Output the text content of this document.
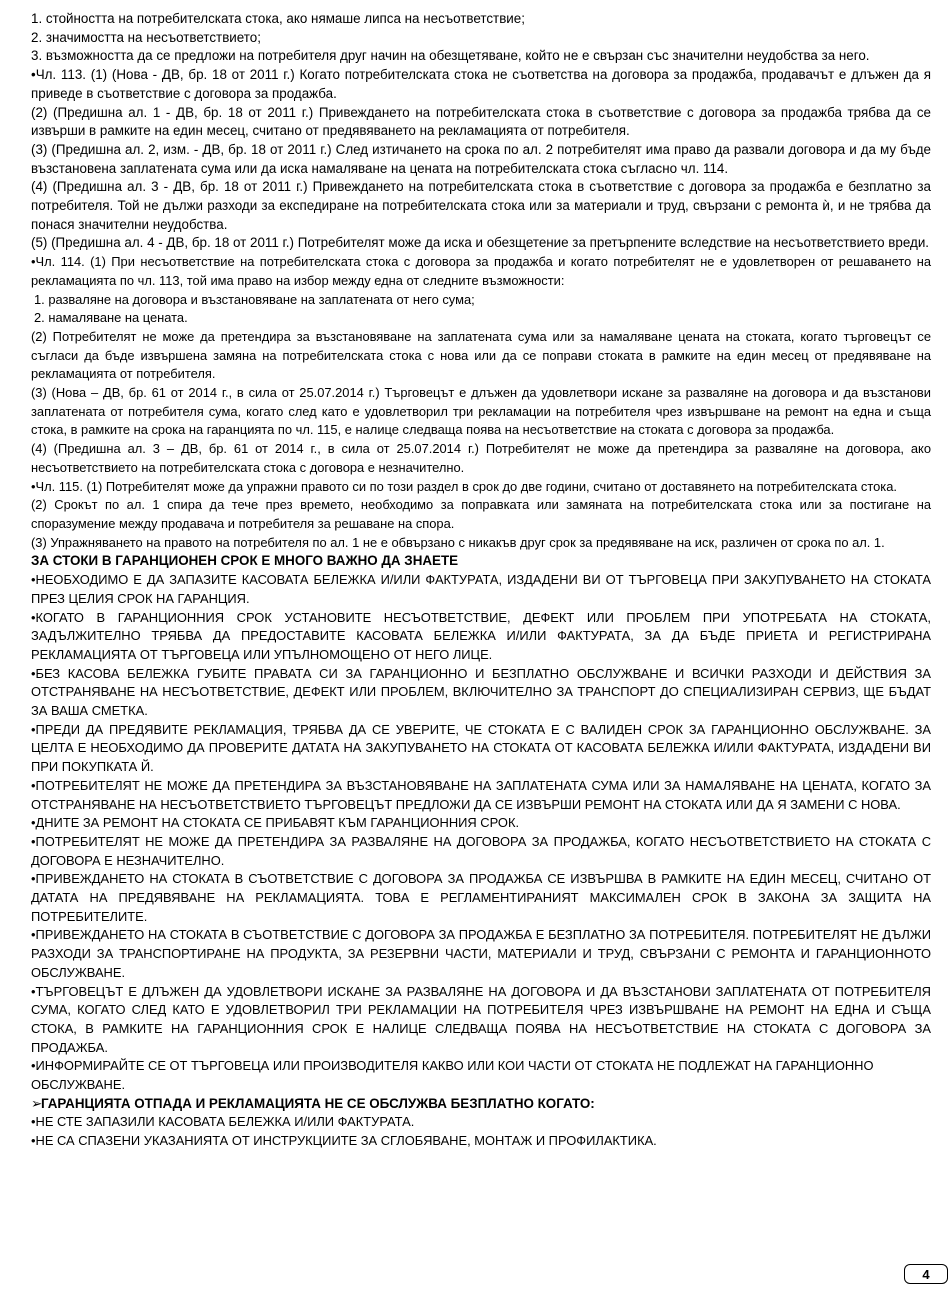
1. стойността на потребителската стока, ако нямаше липса на несъответствие;
2. значимостта на несъответствието;
3. възможността да се предложи на потребителя друг начин на обезщетяване, който не е свързан със значителни неудобства за него.
•Чл. 113. (1) (Нова - ДВ, бр. 18 от 2011 г.) Когато потребителската стока не съответства на договора за продажба, продавачът е длъжен да я приведе в съответствие с договора за продажба.
(2) (Предишна ал. 1 - ДВ, бр. 18 от 2011 г.) Привеждането на потребителската стока в съответствие с договора за продажба трябва да се извърши в рамките на един месец, считано от предявяването на рекламацията от потребителя.
(3) (Предишна ал. 2, изм. - ДВ, бр. 18 от 2011 г.) След изтичането на срока по ал. 2 потребителят има право да развали договора и да му бъде възстановена заплатената сума или да иска намаляване на цената на потребителската стока съгласно чл. 114.
(4) (Предишна ал. 3 - ДВ, бр. 18 от 2011 г.) Привеждането на потребителската стока в съответствие с договора за продажба е безплатно за потребителя. Той не дължи разходи за експедиране на потребителската стока или за материали и труд, свързани с ремонта ѝ, и не трябва да понася значителни неудобства.
(5) (Предишна ал. 4 - ДВ, бр. 18 от 2011 г.) Потребителят може да иска и обезщетение за претърпените вследствие на несъответствието вреди.
•Чл. 114. (1) При несъответствие на потребителската стока с договора за продажба и когато потребителят не е удовлетворен от решаването на рекламацията по чл. 113, той има право на избор между една от следните възможности:
1. разваляне на договора и възстановяване на заплатената от него сума;
2. намаляване на цената.
(2) Потребителят не може да претендира за възстановяване на заплатената сума или за намаляване цената на стоката, когато търговецът се съгласи да бъде извършена замяна на потребителската стока с нова или да се поправи стоката в рамките на един месец от предявяване на рекламацията от потребителя.
(3) (Нова – ДВ, бр. 61 от 2014 г., в сила от 25.07.2014 г.) Търговецът е длъжен да удовлетвори искане за разваляне на договора и да възстанови заплатената от потребителя сума, когато след като е удовлетворил три рекламации на потребителя чрез извършване на ремонт на една и съща стока, в рамките на срока на гаранцията по чл. 115, е налице следваща поява на несъответствие на стоката с договора за продажба.
(4) (Предишна ал. 3 – ДВ, бр. 61 от 2014 г., в сила от 25.07.2014 г.) Потребителят не може да претендира за разваляне на договора, ако несъответствието на потребителската стока с договора е незначително.
•Чл. 115. (1) Потребителят може да упражни правото си по този раздел в срок до две години, считано от доставянето на потребителската стока.
(2) Срокът по ал. 1 спира да тече през времето, необходимо за поправката или замяната на потребителската стока или за постигане на споразумение между продавача и потребителя за решаване на спора.
(3) Упражняването на правото на потребителя по ал. 1 не е обвързано с никакъв друг срок за предявяване на иск, различен от срока по ал. 1.
ЗА СТОКИ В ГАРАНЦИОНЕН СРОК Е МНОГО ВАЖНО ДА ЗНАЕТЕ
•НЕОБХОДИМО Е ДА ЗАПАЗИТЕ КАСОВАТА БЕЛЕЖКА И/ИЛИ ФАКТУРАТА, ИЗДАДЕНИ ВИ ОТ ТЪРГОВЕЦА ПРИ ЗАКУПУВАНЕТО НА СТОКАТА ПРЕЗ ЦЕЛИЯ СРОК НА ГАРАНЦИЯ.
•КОГАТО В ГАРАНЦИОННИЯ СРОК УСТАНОВИТЕ НЕСЪОТВЕТСТВИЕ, ДЕФЕКТ ИЛИ ПРОБЛЕМ ПРИ УПОТРЕБАТА НА СТОКАТА, ЗАДЪЛЖИТЕЛНО ТРЯБВА ДА ПРЕДОСТАВИТЕ КАСОВАТА БЕЛЕЖКА И/ИЛИ ФАКТУРАТА, ЗА ДА БЪДЕ ПРИЕТА И РЕГИСТРИРАНА РЕКЛАМАЦИЯТА ОТ ТЪРГОВЕЦА ИЛИ УПЪЛНОМОЩЕНО ОТ НЕГО ЛИЦЕ.
•БЕЗ КАСОВА БЕЛЕЖКА ГУБИТЕ ПРАВАТА СИ ЗА ГАРАНЦИОННО И БЕЗПЛАТНО ОБСЛУЖВАНЕ И ВСИЧКИ РАЗХОДИ И ДЕЙСТВИЯ ЗА ОТСТРАНЯВАНЕ НА НЕСЪОТВЕТСТВИЕ, ДЕФЕКТ ИЛИ ПРОБЛЕМ, ВКЛЮЧИТЕЛНО ЗА ТРАНСПОРТ ДО СПЕЦИАЛИЗИРАН СЕРВИЗ, ЩЕ БЪДАТ ЗА ВАША СМЕТКА.
•ПРЕДИ ДА ПРЕДЯВИТЕ РЕКЛАМАЦИЯ, ТРЯБВА ДА СЕ УВЕРИТЕ, ЧЕ СТОКАТА Е С ВАЛИДЕН СРОК ЗА ГАРАНЦИОННО ОБСЛУЖВАНЕ. ЗА ЦЕЛТА Е НЕОБХОДИМО ДА ПРОВЕРИТЕ ДАТАТА НА ЗАКУПУВАНЕТО НА СТОКАТА ОТ КАСОВАТА БЕЛЕЖКА И/ИЛИ ФАКТУРАТА, ИЗДАДЕНИ ВИ ПРИ ПОКУПКАТА Й.
•ПОТРЕБИТЕЛЯТ НЕ МОЖЕ ДА ПРЕТЕНДИРА ЗА ВЪЗСТАНОВЯВАНЕ НА ЗАПЛАТЕНАТА СУМА ИЛИ ЗА НАМАЛЯВАНЕ НА ЦЕНАТА, КОГАТО ЗА ОТСТРАНЯВАНЕ НА НЕСЪОТВЕТСТВИЕТО ТЪРГОВЕЦЪТ ПРЕДЛОЖИ ДА СЕ ИЗВЪРШИ РЕМОНТ НА СТОКАТА ИЛИ ДА Я ЗАМЕНИ С НОВА.
•ДНИТЕ ЗА РЕМОНТ НА СТОКАТА СЕ ПРИБАВЯТ КЪМ ГАРАНЦИОННИЯ СРОК.
•ПОТРЕБИТЕЛЯТ НЕ МОЖЕ ДА ПРЕТЕНДИРА ЗА РАЗВАЛЯНЕ НА ДОГОВОРА ЗА ПРОДАЖБА, КОГАТО НЕСЪОТВЕТСТВИЕТО НА СТОКАТА С ДОГОВОРА Е НЕЗНАЧИТЕЛНО.
•ПРИВЕЖДАНЕТО НА СТОКАТА В СЪОТВЕТСТВИЕ С ДОГОВОРА ЗА ПРОДАЖБА СЕ ИЗВЪРШВА В РАМКИТЕ НА ЕДИН МЕСЕЦ, СЧИТАНО ОТ ДАТАТА НА ПРЕДЯВЯВАНЕ НА РЕКЛАМАЦИЯТА. ТОВА Е РЕГЛАМЕНТИРАНИЯТ МАКСИМАЛЕН СРОК В ЗАКОНА ЗА ЗАЩИТА НА ПОТРЕБИТЕЛИТЕ.
•ПРИВЕЖДАНЕТО НА СТОКАТА В СЪОТВЕТСТВИЕ С ДОГОВОРА ЗА ПРОДАЖБА Е БЕЗПЛАТНО ЗА ПОТРЕБИТЕЛЯ. ПОТРЕБИТЕЛЯТ НЕ ДЪЛЖИ РАЗХОДИ ЗА ТРАНСПОРТИРАНЕ НА ПРОДУКТА, ЗА РЕЗЕРВНИ ЧАСТИ, МАТЕРИАЛИ И ТРУД, СВЪРЗАНИ С РЕМОНТА И ГАРАНЦИОННОТО ОБСЛУЖВАНЕ.
•ТЪРГОВЕЦЪТ Е ДЛЪЖЕН ДА УДОВЛЕТВОРИ ИСКАНЕ ЗА РАЗВАЛЯНЕ НА ДОГОВОРА И ДА ВЪЗСТАНОВИ ЗАПЛАТЕНАТА ОТ ПОТРЕБИТЕЛЯ СУМА, КОГАТО СЛЕД КАТО Е УДОВЛЕТВОРИЛ ТРИ РЕКЛАМАЦИИ НА ПОТРЕБИТЕЛЯ ЧРЕЗ ИЗВЪРШВАНЕ НА РЕМОНТ НА ЕДНА И СЪЩА СТОКА, В РАМКИТЕ НА ГАРАНЦИОННИЯ СРОК Е НАЛИЦЕ СЛЕДВАЩА ПОЯВА НА НЕСЪОТВЕТСТВИЕ НА СТОКАТА С ДОГОВОРА ЗА ПРОДАЖБА.
•ИНФОРМИРАЙТЕ СЕ ОТ ТЪРГОВЕЦА ИЛИ ПРОИЗВОДИТЕЛЯ КАКВО ИЛИ КОИ ЧАСТИ ОТ СТОКАТА НЕ ПОДЛЕЖАТ НА ГАРАНЦИОННО ОБСЛУЖВАНЕ.
➢ГАРАНЦИЯТА ОТПАДА И РЕКЛАМАЦИЯТА НЕ СЕ ОБСЛУЖВА БЕЗПЛАТНО КОГАТО:
•НЕ СТЕ ЗАПАЗИЛИ КАСОВАТА БЕЛЕЖКА И/ИЛИ ФАКТУРАТА.
•НЕ СА СПАЗЕНИ УКАЗАНИЯТА ОТ ИНСТРУКЦИИТЕ ЗА СГЛОБЯВАНЕ, МОНТАЖ И ПРОФИЛАКТИКА.
4
